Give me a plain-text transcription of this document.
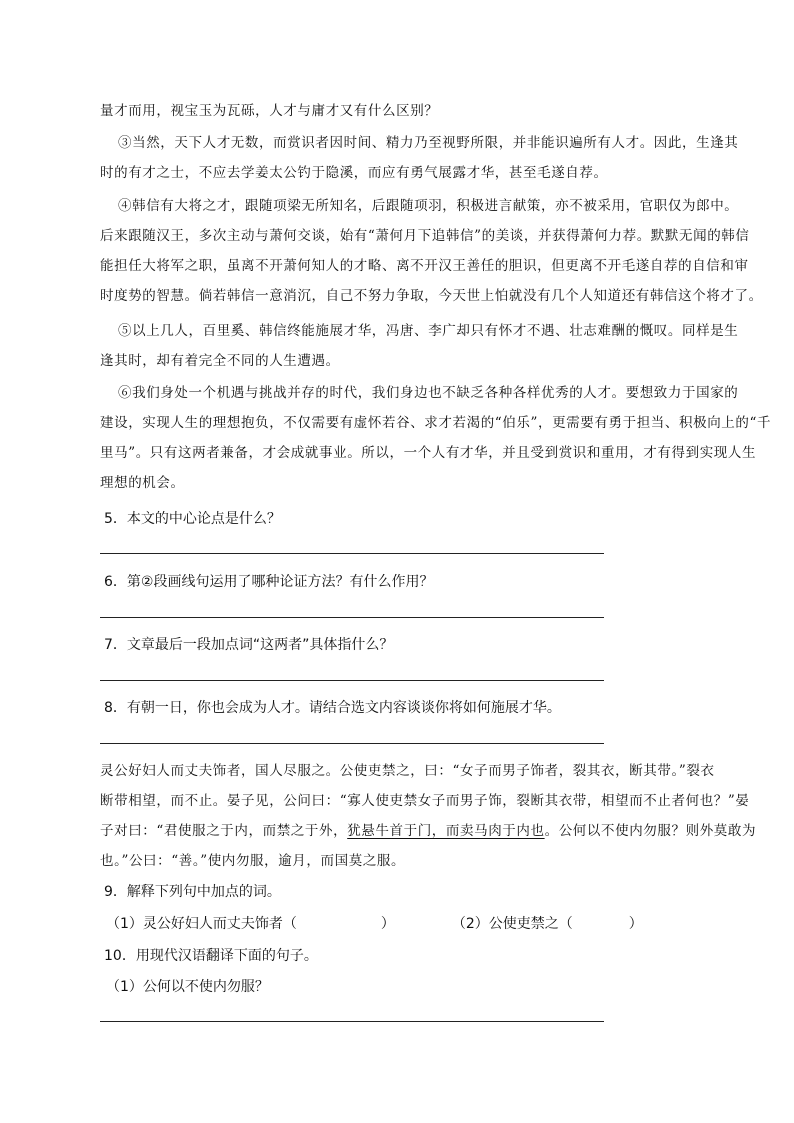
量才而用，视宝玉为瓦砾，人才与庸才又有什么区别？
③当然，天下人才无数，而赏识者因时间、精力乃至视野所限，并非能识遍所有人才。因此，生逢其
时的有才之士，不应去学姜太公钓于隐溪，而应有勇气展露才华，甚至毛遂自荐。
④韩信有大将之才，跟随项梁无所知名，后跟随项羽，积极进言献策，亦不被采用，官职仅为郎中。
后来跟随汉王，多次主动与萧何交谈，始有“萧何月下追韩信”的美谈，并获得萧何力荐。默默无闻的韩信
能担任大将军之职，虽离不开萧何知人的才略、离不开汉王善任的胆识，但更离不开毛遂自荐的自信和审
时度势的智慧。倘若韩信一意消沉，自己不努力争取，今天世上怕就没有几个人知道还有韩信这个将才了。
⑤以上几人，百里奚、韩信终能施展才华，冯唐、李广却只有怀才不遇、壮志难酬的慨叹。同样是生
逢其时，却有着完全不同的人生遭遇。
⑥我们身处一个机遇与挑战并存的时代，我们身边也不缺乏各种各样优秀的人才。要想致力于国家的
建设，实现人生的理想抱负，不仅需要有虚怀若谷、求才若渴的“伯乐”，更需要有勇于担当、积极向上的“千
里马”。只有这两者兼备，才会成就事业。所以，一个人有才华，并且受到赏识和重用，才有得到实现人生
理想的机会。
5．本文的中心论点是什么？
6．第②段画线句运用了哪种论证方法？有什么作用？
7．文章最后一段加点词“这两者”具体指什么？
8．有朝一日，你也会成为人才。请结合选文内容谈谈你将如何施展才华。
灵公好妇人而丈夫饰者，国人尽服之。公使吏禁之，曰：“女子而男子饰者，裂其衣，断其带。”裂衣
断带相望，而不止。晏子见，公问曰：“寡人使吏禁女子而男子饰，裂断其衣带，相望而不止者何也？”晏
子对曰：“君使服之于内，而禁之于外，犹悬牛首于门，而卖马肉于内也。公何以不使内勿服？则外莫敢为
也。”公曰：“善。”使内勿服，逾月，而国莫之服。
9．解释下列句中加点的词。
（1）灵公好妇人而丈夫饰者（	）	（2）公使吏禁之（	）
10．用现代汉语翻译下面的句子。
（1）公何以不使内勿服？
